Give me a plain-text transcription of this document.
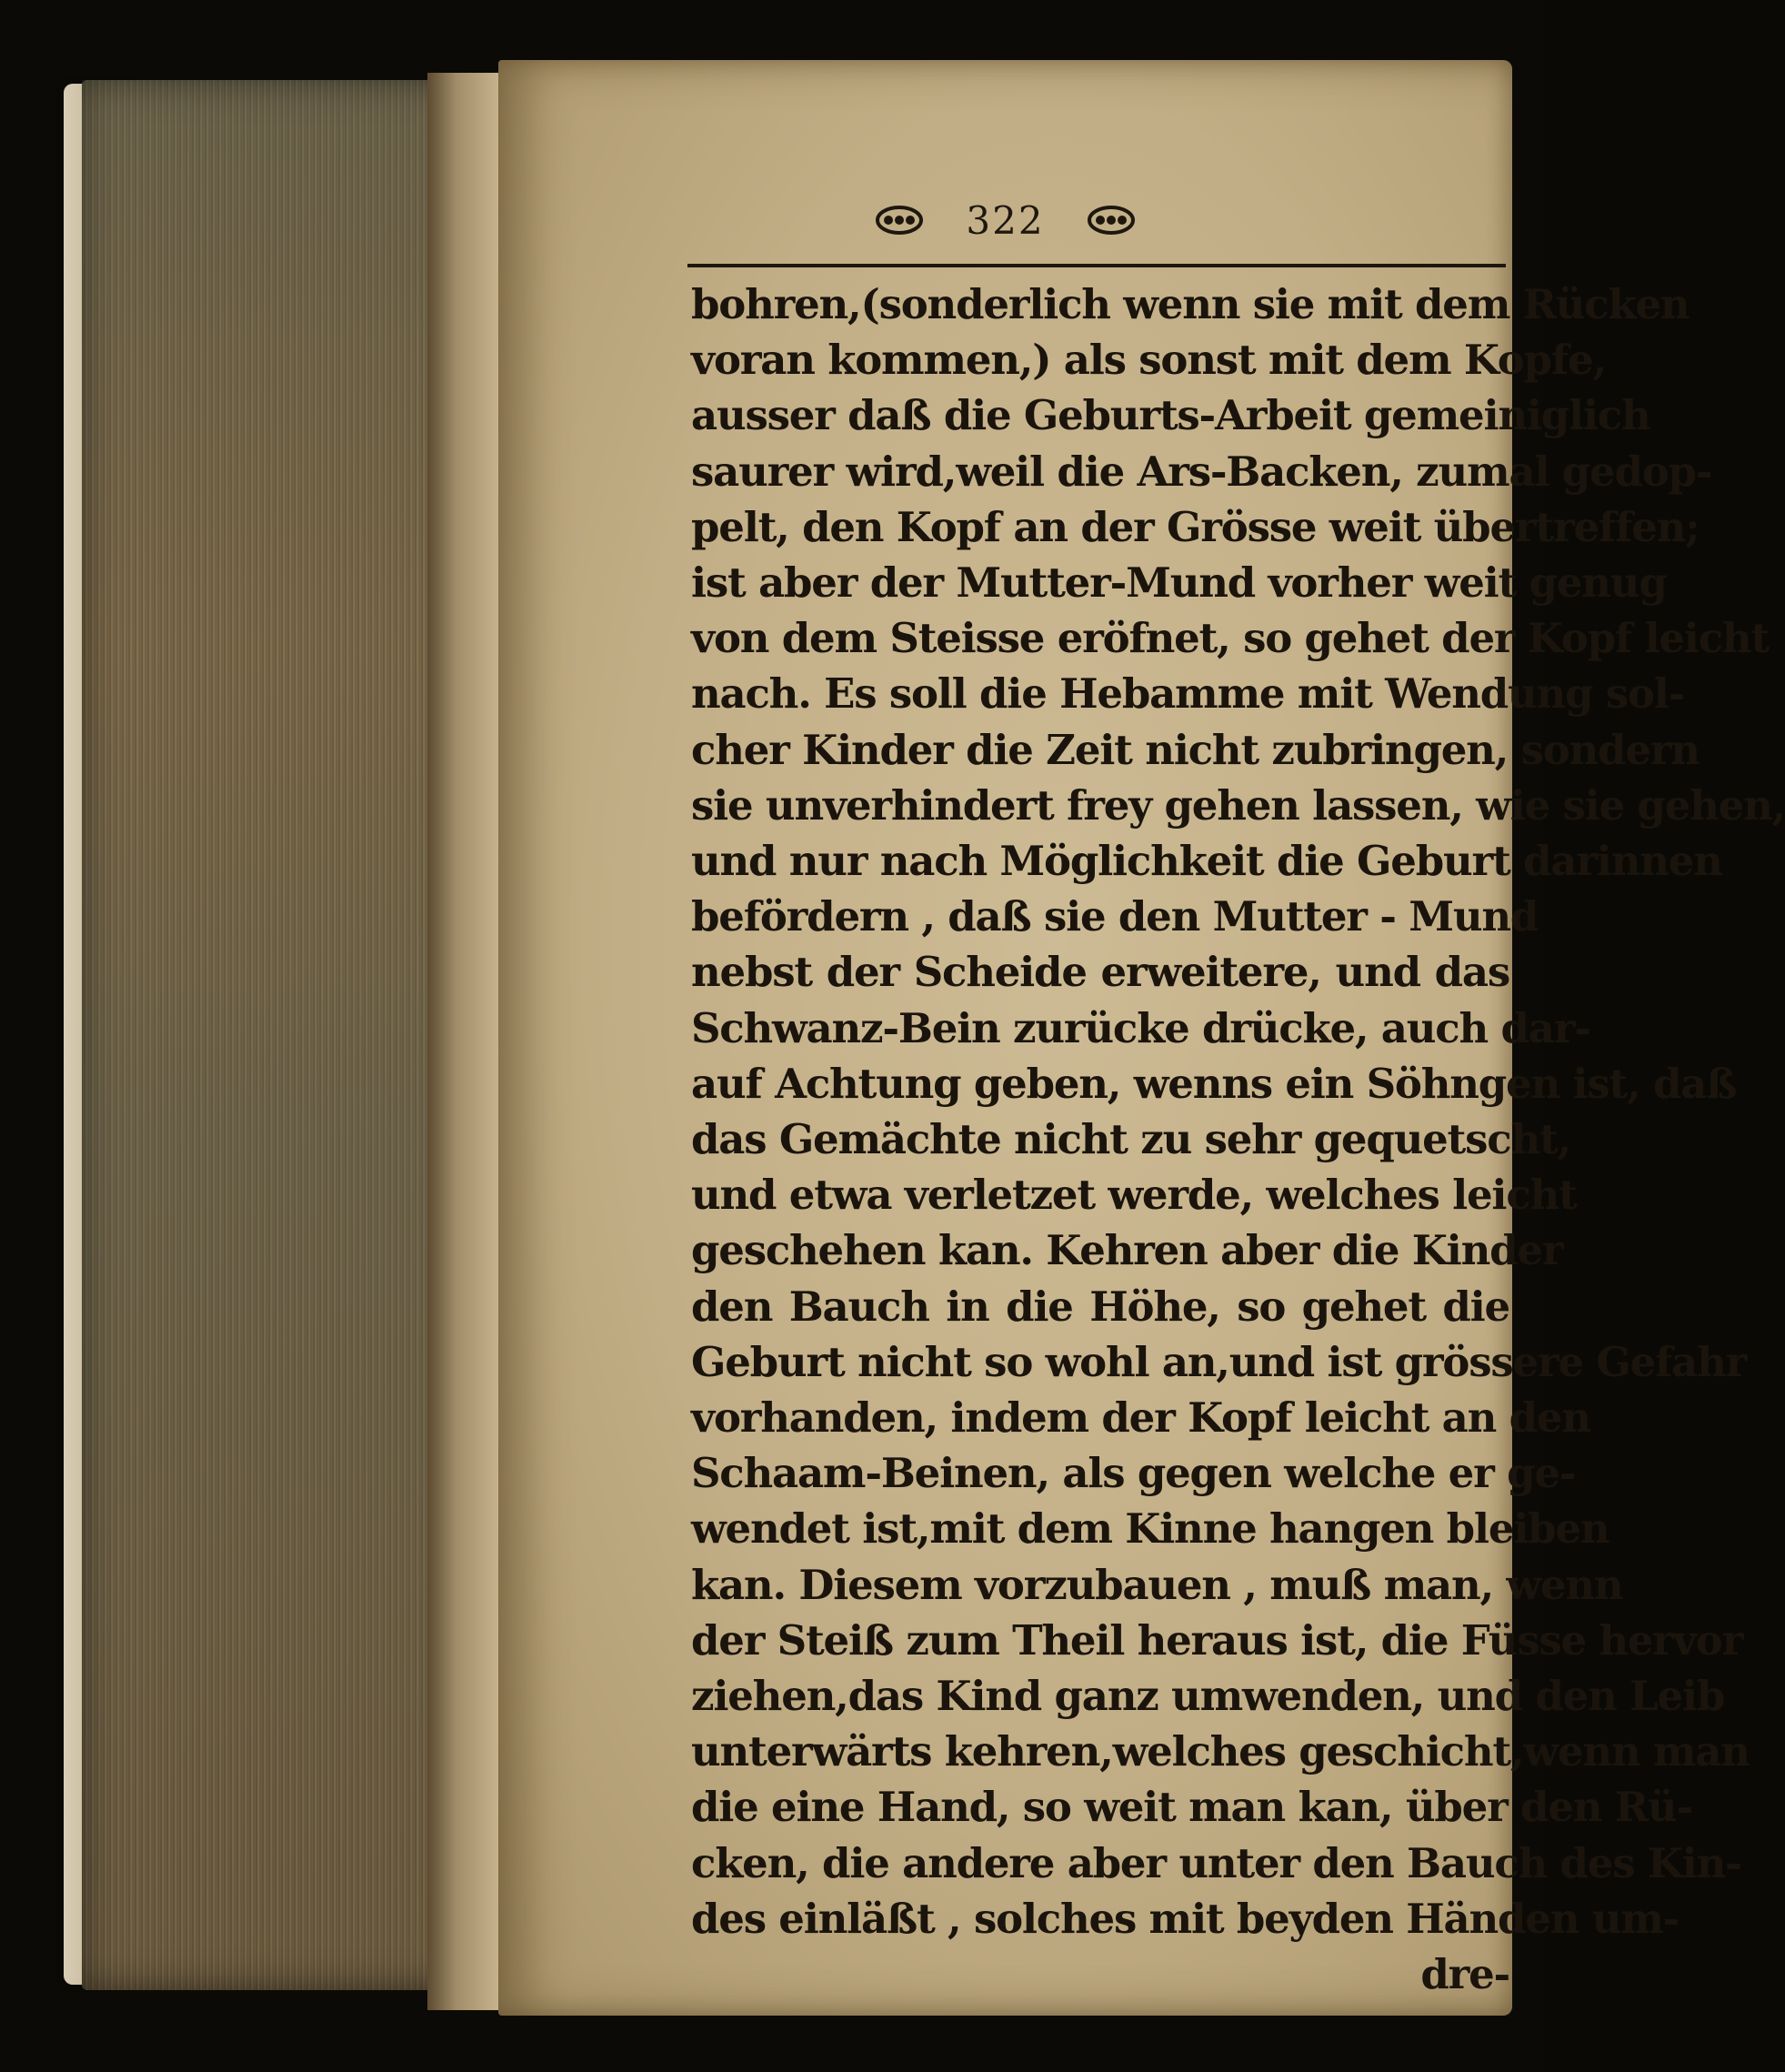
322
bohren,(sonderlich wenn sie mit dem Rücken
voran kommen,) als sonst mit dem Kopfe,
ausser daß die Geburts-Arbeit gemeiniglich
saurer wird,weil die Ars-Backen, zumal gedop-
pelt, den Kopf an der Grösse weit übertreffen;
ist aber der Mutter-Mund vorher weit genug
von dem Steisse eröfnet, so gehet der Kopf leicht
nach. Es soll die Hebamme mit Wendung sol-
cher Kinder die Zeit nicht zubringen, sondern
sie unverhindert frey gehen lassen, wie sie gehen,
und nur nach Möglichkeit die Geburt darinnen
befördern , daß sie den Mutter - Mund
nebst der Scheide erweitere, und das
Schwanz-Bein zurücke drücke, auch dar-
auf Achtung geben, wenns ein Söhngen ist, daß
das Gemächte nicht zu sehr gequetscht,
und etwa verletzet werde, welches leicht
geschehen kan. Kehren aber die Kinder
den Bauch in die Höhe, so gehet die
Geburt nicht so wohl an,und ist grössere Gefahr
vorhanden, indem der Kopf leicht an den
Schaam-Beinen, als gegen welche er ge-
wendet ist,mit dem Kinne hangen bleiben
kan. Diesem vorzubauen , muß man, wenn
der Steiß zum Theil heraus ist, die Füsse hervor
ziehen,das Kind ganz umwenden, und den Leib
unterwärts kehren,welches geschicht,wenn man
die eine Hand, so weit man kan, über den Rü-
cken, die andere aber unter den Bauch des Kin-
des einläßt , solches mit beyden Händen um-
dre-
